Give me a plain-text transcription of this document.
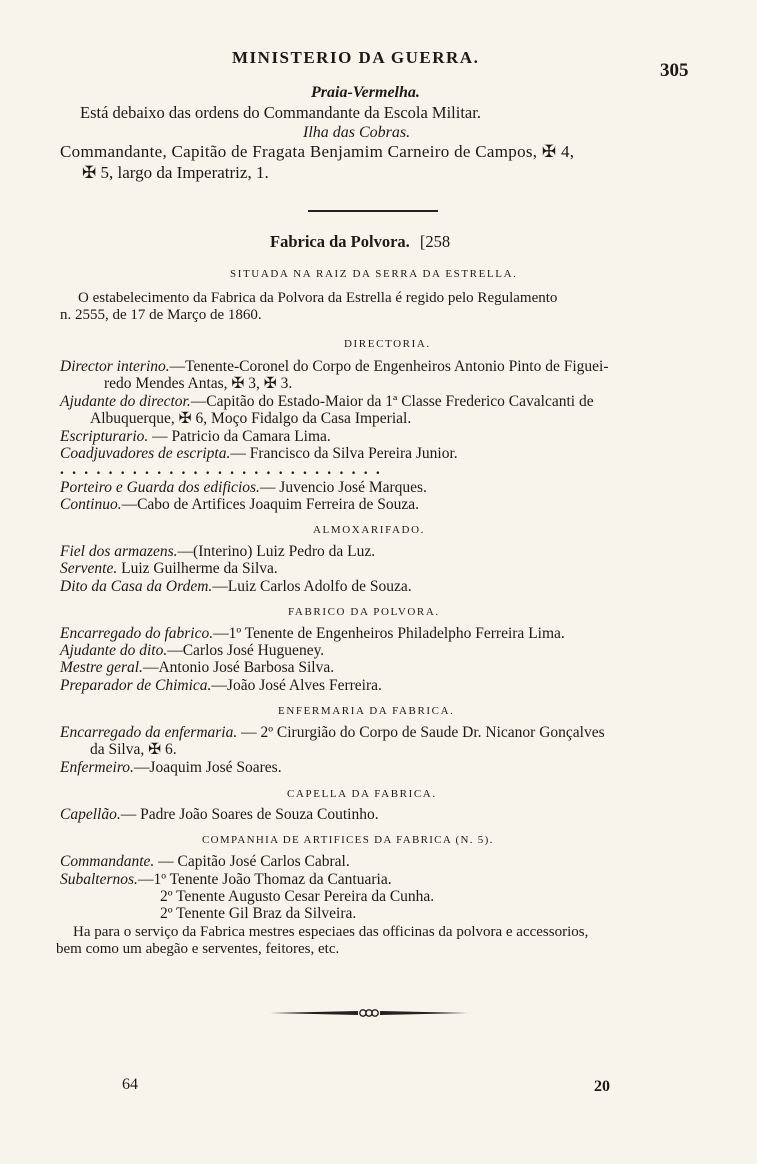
MINISTERIO DA GUERRA.
305
Praia-Vermelha.
Está debaixo das ordens do Commandante da Escola Militar.
Ilha das Cobras.
Commandante, Capitão de Fragata Benjamim Carneiro de Campos, ✠ 4,
✠ 5, largo da Imperatriz, 1.
Fabrica da Polvora. [258
SITUADA NA RAIZ DA SERRA DA ESTRELLA.
O estabelecimento da Fabrica da Polvora da Estrella é regido pelo Regulamento
n. 2555, de 17 de Março de 1860.
DIRECTORIA.
Director interino.—Tenente-Coronel do Corpo de Engenheiros Antonio Pinto de Figuei-
redo Mendes Antas, ✠ 3, ✠ 3.
Ajudante do director.—Capitão do Estado-Maior da 1ª Classe Frederico Cavalcanti de
Albuquerque, ✠ 6, Moço Fidalgo da Casa Imperial.
Escripturario. — Patricio da Camara Lima.
Coadjuvadores de escripta.— Francisco da Silva Pereira Junior.
. . . . . . . . . . . . . . . . . . . . . . . . . . .
Porteiro e Guarda dos edificios.— Juvencio José Marques.
Continuo.—Cabo de Artifices Joaquim Ferreira de Souza.
ALMOXARIFADO.
Fiel dos armazens.—(Interino) Luiz Pedro da Luz.
Servente. Luiz Guilherme da Silva.
Dito da Casa da Ordem.—Luiz Carlos Adolfo de Souza.
FABRICO DA POLVORA.
Encarregado do fabrico.—1º Tenente de Engenheiros Philadelpho Ferreira Lima.
Ajudante do dito.—Carlos José Hugueney.
Mestre geral.—Antonio José Barbosa Silva.
Preparador de Chimica.—João José Alves Ferreira.
ENFERMARIA DA FABRICA.
Encarregado da enfermaria. — 2º Cirurgião do Corpo de Saude Dr. Nicanor Gonçalves
da Silva, ✠ 6.
Enfermeiro.—Joaquim José Soares.
CAPELLA DA FABRICA.
Capellão.— Padre João Soares de Souza Coutinho.
COMPANHIA DE ARTIFICES DA FABRICA (N. 5).
Commandante. — Capitão José Carlos Cabral.
Subalternos.—1º Tenente João Thomaz da Cantuaria.
2º Tenente Augusto Cesar Pereira da Cunha.
2º Tenente Gil Braz da Silveira.
Ha para o serviço da Fabrica mestres especiaes das officinas da polvora e accessorios,
bem como um abegão e serventes, feitores, etc.
64	20
